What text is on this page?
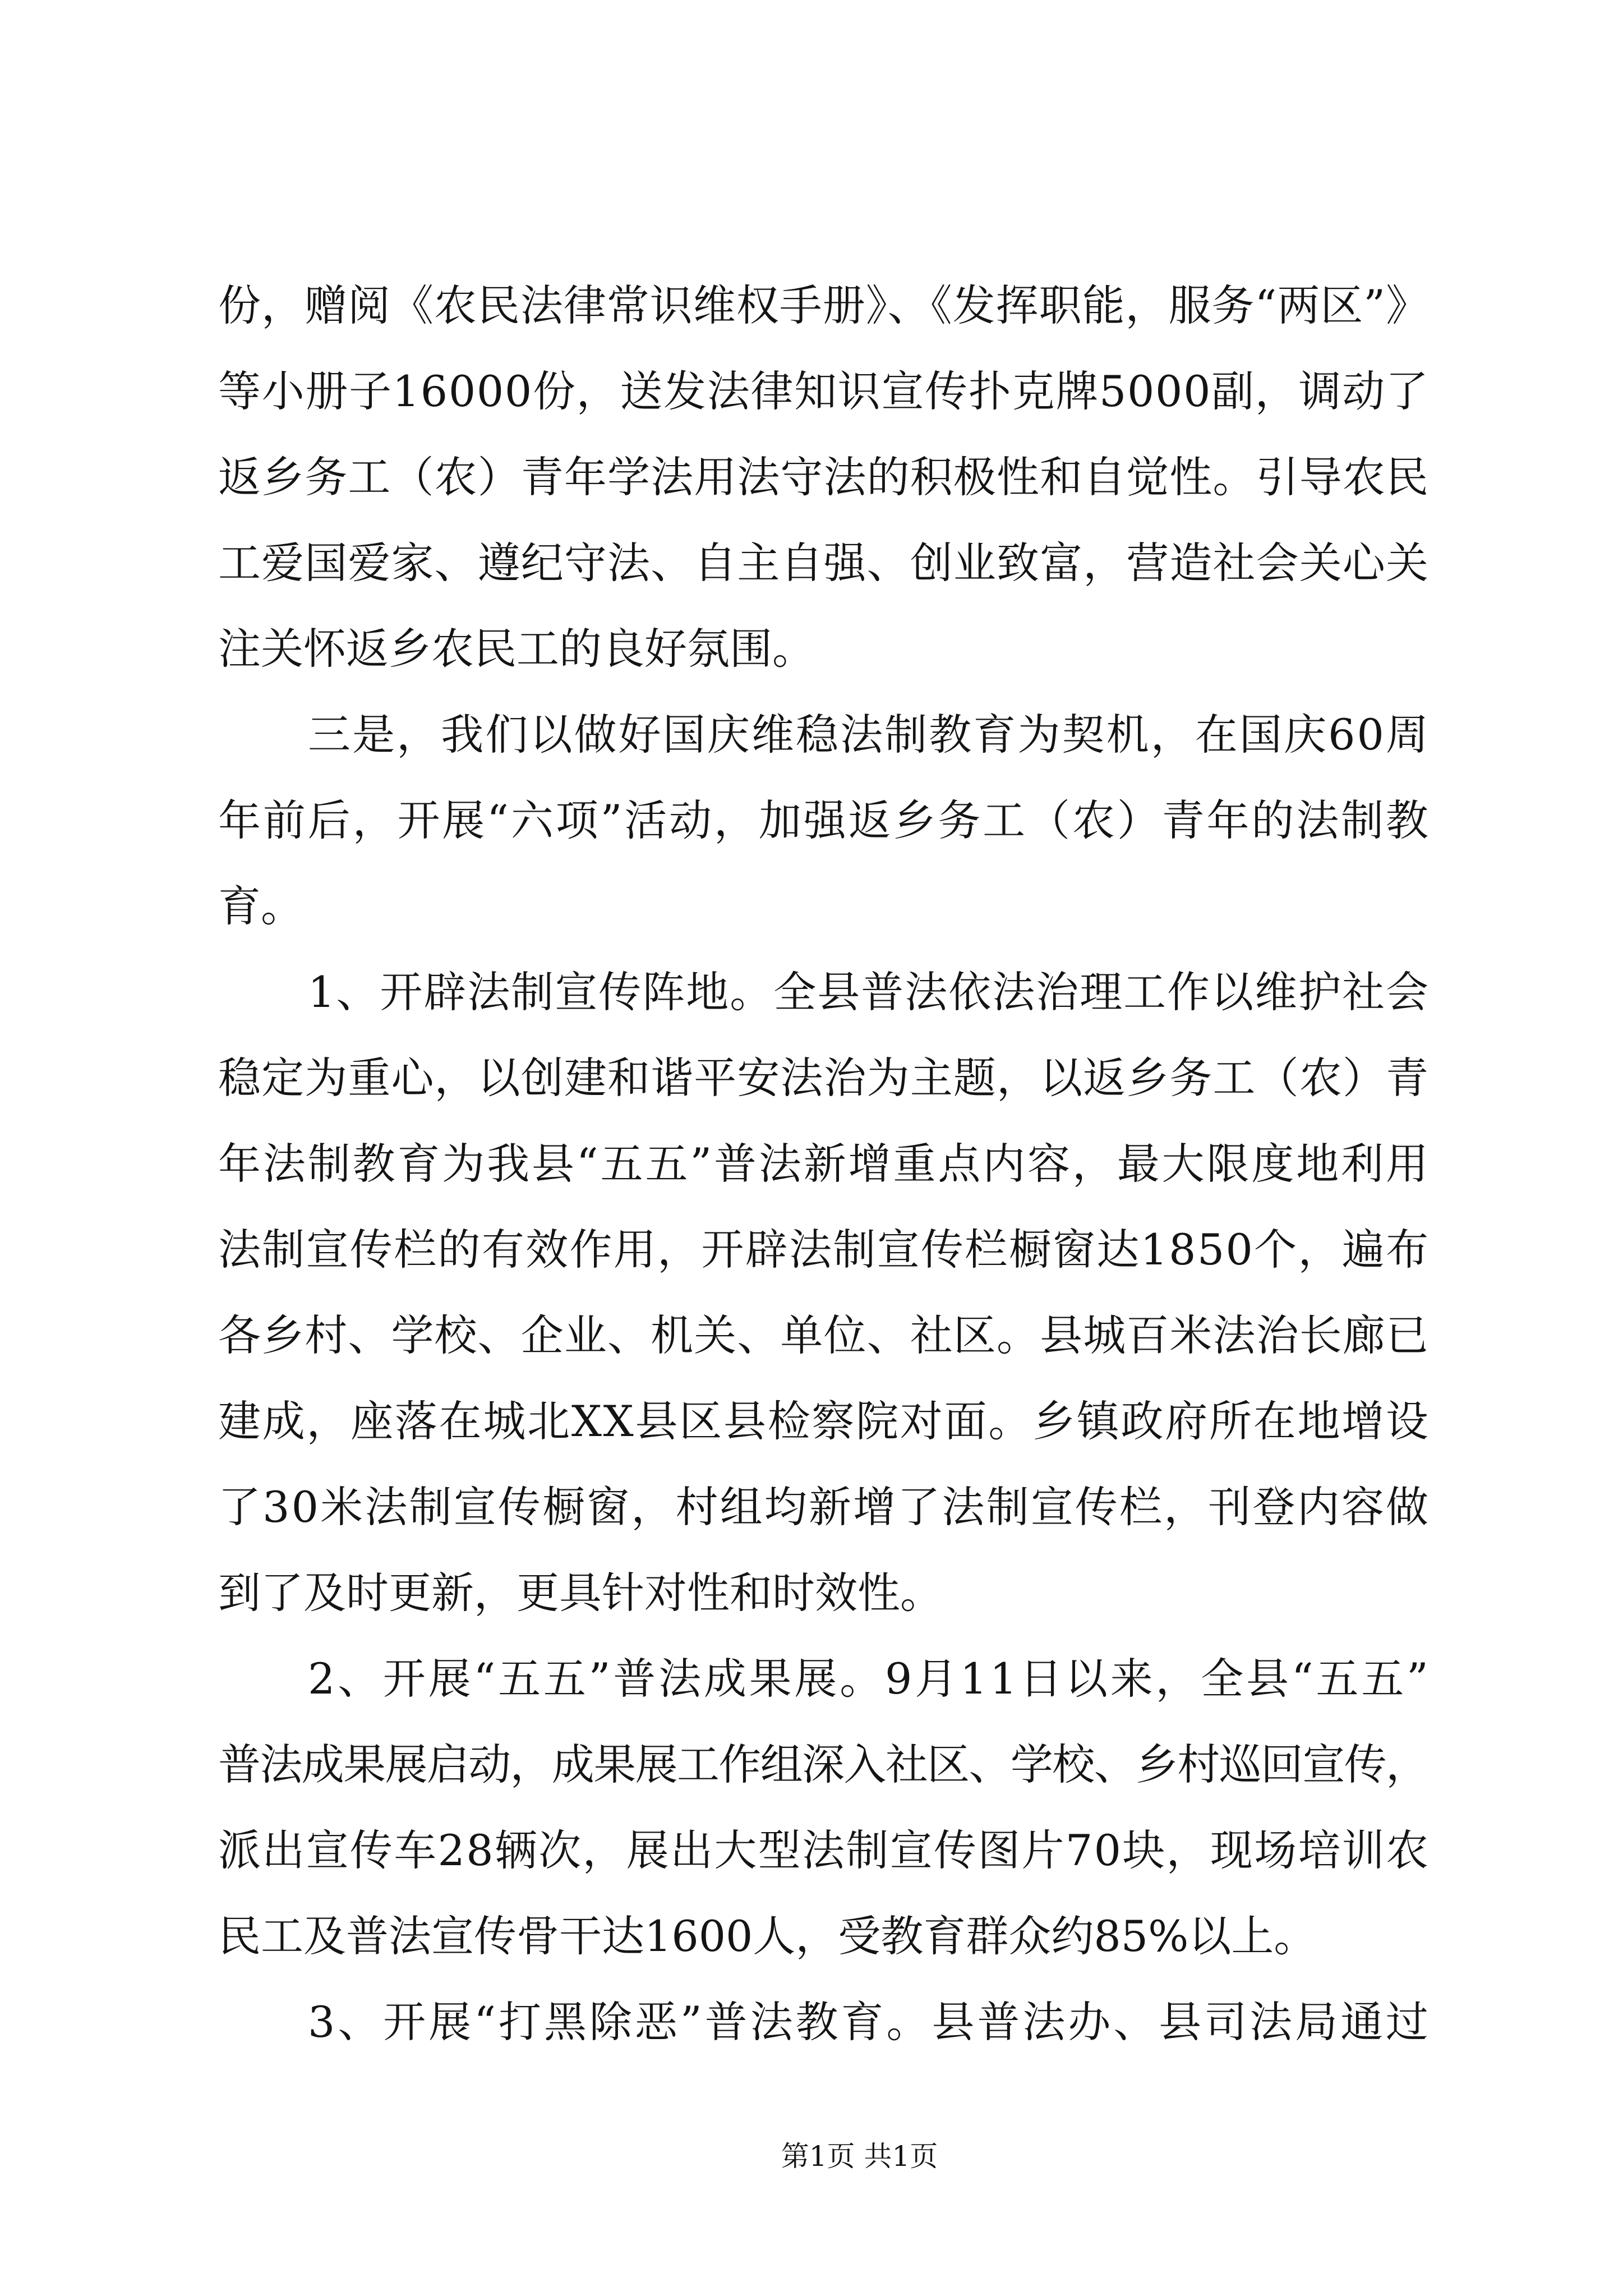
份，赠阅《农民法律常识维权手册》、《发挥职能，服务“两区”》
等小册子16000份，送发法律知识宣传扑克牌5000副，调动了
返乡务工（农）青年学法用法守法的积极性和自觉性。引导农民
工爱国爱家、遵纪守法、自主自强、创业致富，营造社会关心关
注关怀返乡农民工的良好氛围。
三是，我们以做好国庆维稳法制教育为契机，在国庆60周
年前后，开展“六项”活动，加强返乡务工（农）青年的法制教
育。
1、开辟法制宣传阵地。全县普法依法治理工作以维护社会
稳定为重心，以创建和谐平安法治为主题，以返乡务工（农）青
年法制教育为我县“五五”普法新增重点内容，最大限度地利用
法制宣传栏的有效作用，开辟法制宣传栏橱窗达1850个，遍布
各乡村、学校、企业、机关、单位、社区。县城百米法治长廊已
建成，座落在城北XX县区县检察院对面。乡镇政府所在地增设
了30米法制宣传橱窗，村组均新增了法制宣传栏，刊登内容做
到了及时更新，更具针对性和时效性。
2、开展“五五”普法成果展。9月11日以来，全县“五五”
普法成果展启动，成果展工作组深入社区、学校、乡村巡回宣传，
派出宣传车28辆次，展出大型法制宣传图片70块，现场培训农
民工及普法宣传骨干达1600人，受教育群众约85%以上。
3、开展“打黑除恶”普法教育。县普法办、县司法局通过
第1页 共1页
